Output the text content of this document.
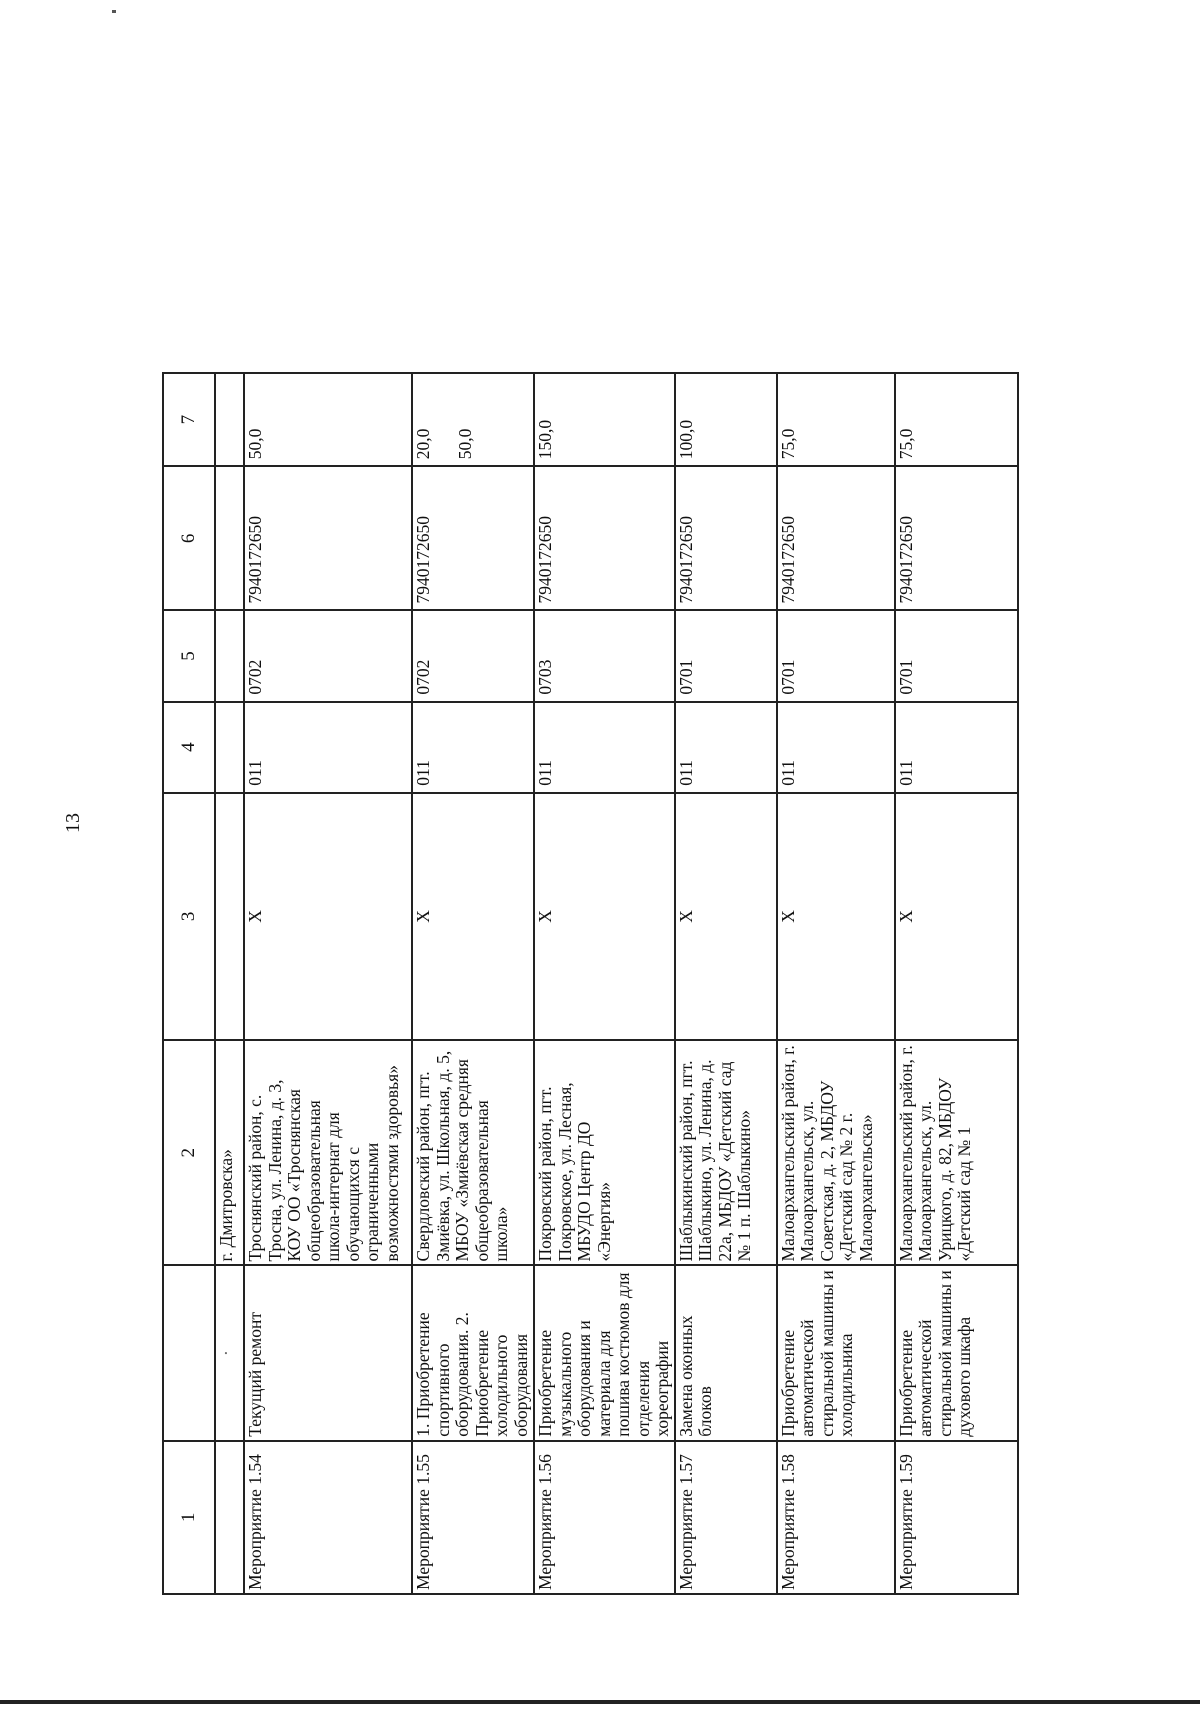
13
1		2	3	4	5	6	7
	·	г. Дмитровска»					
Мероприятие 1.54	Текущий ремонт	Троснянский район, с. Тросна, ул. Ленина, д. 3, КОУ ОО «Троснянская общеобразовательная школа-интернат для обучающихся с ограниченными возможностями здоровья»	Х	011	0702	7940172650	50,0

Мероприятие 1.55	1. Приобретение спортивного оборудования. 2. Приобретение холодильного оборудования	Свердловский район, пгт. Змиёвка, ул. Школьная, д. 5, МБОУ «Змиёвская средняя общеобразовательная школа»	Х	011	0702	7940172650	20,0 50,0

Мероприятие 1.56	Приобретение музыкального оборудования и материала для пошива костюмов для отделения хореографии	Покровский район, пгт. Покровское, ул. Лесная, МБУДО Центр ДО «Энергия»	Х	011	0703	7940172650	150,0

Мероприятие 1.57	Замена оконных блоков	Шаблыкинский район, пгт. Шаблыкино, ул. Ленина, д. 22а, МБДОУ «Детский сад № 1 п. Шаблыкино»	Х	011	0701	7940172650	100,0

Мероприятие 1.58	Приобретение автоматической стиральной машины и холодильника	Малоархангельский район, г. Малоархангельск, ул. Советская, д. 2, МБДОУ «Детский сад № 2 г. Малоархангельска»	Х	011	0701	7940172650	75,0

Мероприятие 1.59	Приобретение автоматической стиральной машины и духового шкафа	Малоархангельский район, г. Малоархангельск, ул. Урицкого, д. 82, МБДОУ «Детский сад № 1	Х	011	0701	7940172650	75,0
